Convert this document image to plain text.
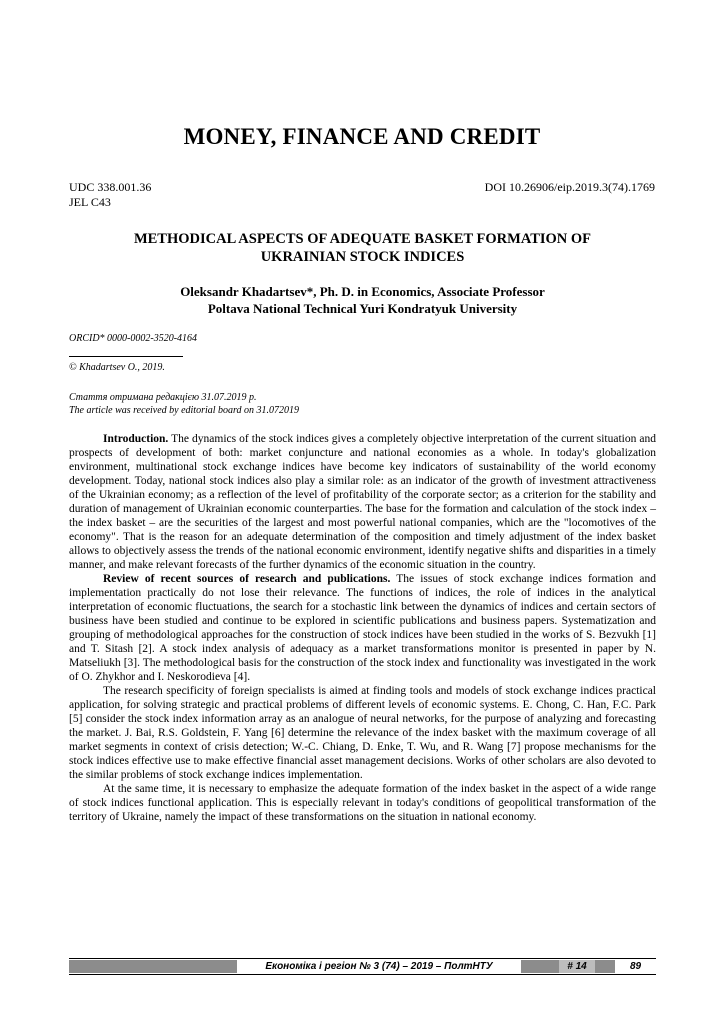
MONEY, FINANCE AND CREDIT
UDC 338.001.36
JEL C43
DOI 10.26906/eip.2019.3(74).1769
METHODICAL ASPECTS OF ADEQUATE BASKET FORMATION OF
UKRAINIAN STOCK INDICES
Oleksandr Khadartsev*, Ph. D. in Economics, Associate Professor
Poltava National Technical Yuri Kondratyuk University
ORCID* 0000-0002-3520-4164
© Khadartsev O., 2019.
Стаття отримана редакцією 31.07.2019 р.
The article was received by editorial board on 31.072019

Introduction. The dynamics of the stock indices gives a completely objective interpretation of the current situation and prospects of development of both: market conjuncture and national economies as a whole. In today's globalization environment, multinational stock exchange indices have become key indicators of sustainability of the world economy development. Today, national stock indices also play a similar role: as an indicator of the growth of investment attractiveness of the Ukrainian economy; as a reflection of the level of profitability of the corporate sector; as a criterion for the stability and duration of management of Ukrainian economic counterparties. The base for the formation and calculation of the stock index – the index basket – are the securities of the largest and most powerful national companies, which are the "locomotives of the economy". That is the reason for an adequate determination of the composition and timely adjustment of the index basket allows to objectively assess the trends of the national economic environment, identify negative shifts and disparities in a timely manner, and make relevant forecasts of the further dynamics of the economic situation in the country.

Review of recent sources of research and publications. The issues of stock exchange indices formation and implementation practically do not lose their relevance. The functions of indices, the role of indices in the analytical interpretation of economic fluctuations, the search for a stochastic link between the dynamics of indices and certain sectors of business have been studied and continue to be explored in scientific publications and business papers. Systematization and grouping of methodological approaches for the construction of stock indices have been studied in the works of S. Bezvukh [1] and T. Sitash [2]. A stock index analysis of adequacy as a market transformations monitor is presented in paper by N. Matseliukh [3]. The methodological basis for the construction of the stock index and functionality was investigated in the work of O. Zhykhor and I. Neskorodieva [4].

The research specificity of foreign specialists is aimed at finding tools and models of stock exchange indices practical application, for solving strategic and practical problems of different levels of economic systems. E. Chong, C. Han, F.C. Park [5] consider the stock index information array as an analogue of neural networks, for the purpose of analyzing and forecasting the market. J. Bai, R.S. Goldstein, F. Yang [6] determine the relevance of the index basket with the maximum coverage of all market segments in context of crisis detection; W.-C. Chiang, D. Enke, T. Wu, and R. Wang [7] propose mechanisms for the stock indices effective use to make effective financial asset management decisions. Works of other scholars are also devoted to the similar problems of stock exchange indices implementation.

At the same time, it is necessary to emphasize the adequate formation of the index basket in the aspect of a wide range of stock indices functional application. This is especially relevant in today's conditions of geopolitical transformation of the territory of Ukraine, namely the impact of these transformations on the situation in national economy.

Економіка і регіон № 3 (74) – 2019 – ПолтНТУ	# 14	89
